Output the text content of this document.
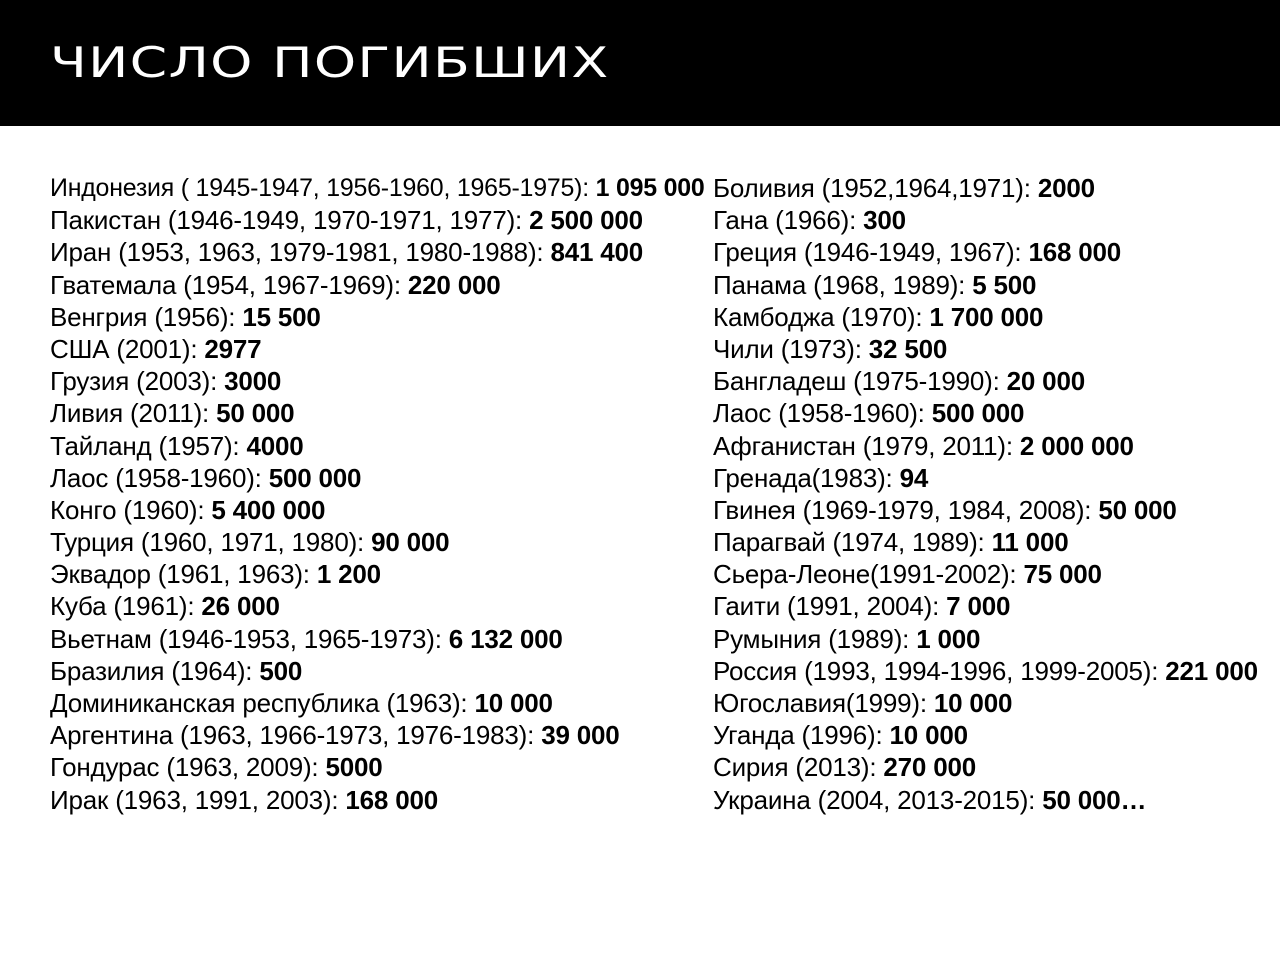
ЧИСЛО ПОГИБШИХ
Индонезия ( 1945-1947, 1956-1960, 1965-1975): 1 095 000
Пакистан (1946-1949, 1970-1971, 1977): 2 500 000
Иран (1953, 1963, 1979-1981, 1980-1988): 841 400
Гватемала (1954, 1967-1969): 220 000
Венгрия (1956): 15 500
США (2001): 2977
Грузия (2003): 3000
Ливия (2011): 50 000
Тайланд (1957): 4000
Лаос (1958-1960): 500 000
Конго (1960): 5 400 000
Турция (1960, 1971, 1980): 90 000
Эквадор (1961, 1963): 1 200
Куба (1961): 26 000
Вьетнам (1946-1953, 1965-1973): 6 132 000
Бразилия (1964): 500
Доминиканская республика (1963): 10 000
Аргентина (1963, 1966-1973, 1976-1983): 39 000
Гондурас (1963, 2009): 5000
Ирак (1963, 1991, 2003): 168 000
Боливия (1952,1964,1971): 2000
Гана (1966): 300
Греция (1946-1949, 1967): 168 000
Панама (1968, 1989): 5 500
Камбоджа (1970): 1 700 000
Чили (1973): 32 500
Бангладеш (1975-1990): 20 000
Лаос (1958-1960): 500 000
Афганистан (1979, 2011): 2 000 000
Гренада(1983): 94
Гвинея (1969-1979, 1984, 2008): 50 000
Парагвай (1974, 1989): 11 000
Сьера-Леоне(1991-2002): 75 000
Гаити (1991, 2004): 7 000
Румыния (1989): 1 000
Россия (1993, 1994-1996, 1999-2005): 221 000
Югославия(1999): 10 000
Уганда (1996): 10 000
Сирия (2013): 270 000
Украина (2004, 2013-2015): 50 000…
